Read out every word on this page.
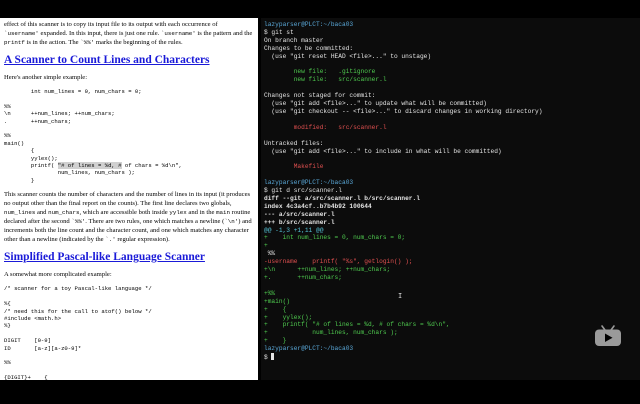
effect of this scanner is to copy its input file to its output with each occurrence of `username' expanded. In this input, there is just one rule. `username' is the pattern and the printf is in the action. The `%%' marks the beginning of the rules.
A Scanner to Count Lines and Characters
Here's another simple example:
int num_lines = 0, num_chars = 0;

%%
\n      ++num_lines; ++num_chars;
.       ++num_chars;

%%
main()
{
yylex();
printf( "# of lines = %d, # of chars = %d\n",
num_lines, num_chars );
}
This scanner counts the number of characters and the number of lines in its input (it produces no output other than the final report on the counts). The first line declares two globals, num_lines and num_chars, which are accessible both inside yylex and in the main routine declared after the second `%%'. There are two rules, one which matches a newline (`\n') and increments both the line count and the character count, and one which matches any character other than a newline (indicated by the `.' regular expression).
Simplified Pascal-like Language Scanner
A somewhat more complicated example:
/* scanner for a toy Pascal-like language */

%{
/* need this for the call to atof() below */
#include <math.h>
%}

DIGIT    [0-9]
ID       [a-z][a-z0-9]*

%%

{DIGIT}+    {
printf( "An integer: %s (%d)\n", yytext,
atoi( yytext ) );
}
lazyparser@PLCT:~/baca03
$ git st
On branch master
Changes to be committed:
(use "git reset HEAD <file>..." to unstage)
new file:   .gitignore
new file:   src/scanner.l
Changes not staged for commit:
(use "git add <file>..." to update what will be committed)
(use "git checkout -- <file>..." to discard changes in working directory)
modified:   src/scanner.l
Untracked files:
(use "git add <file>..." to include in what will be committed)
Makefile
lazyparser@PLCT:~/baca03
$ git d src/scanner.l
diff --git a/src/scanner.l b/src/scanner.l
index 4c3a4cf..b7b4b92 100644
--- a/src/scanner.l
+++ b/src/scanner.l
@@ -1,3 +1,11 @@
+    int num_lines = 0, num_chars = 0;
+
%%
-username    printf( "%s", getlogin() );
+\n      ++num_lines; ++num_chars;
+.       ++num_chars;
+%%
+main()
+    {
+    yylex();
+    printf( "# of lines = %d, # of chars = %d\n",
+            num_lines, num_chars );
+    }
lazyparser@PLCT:~/baca03
$
I
